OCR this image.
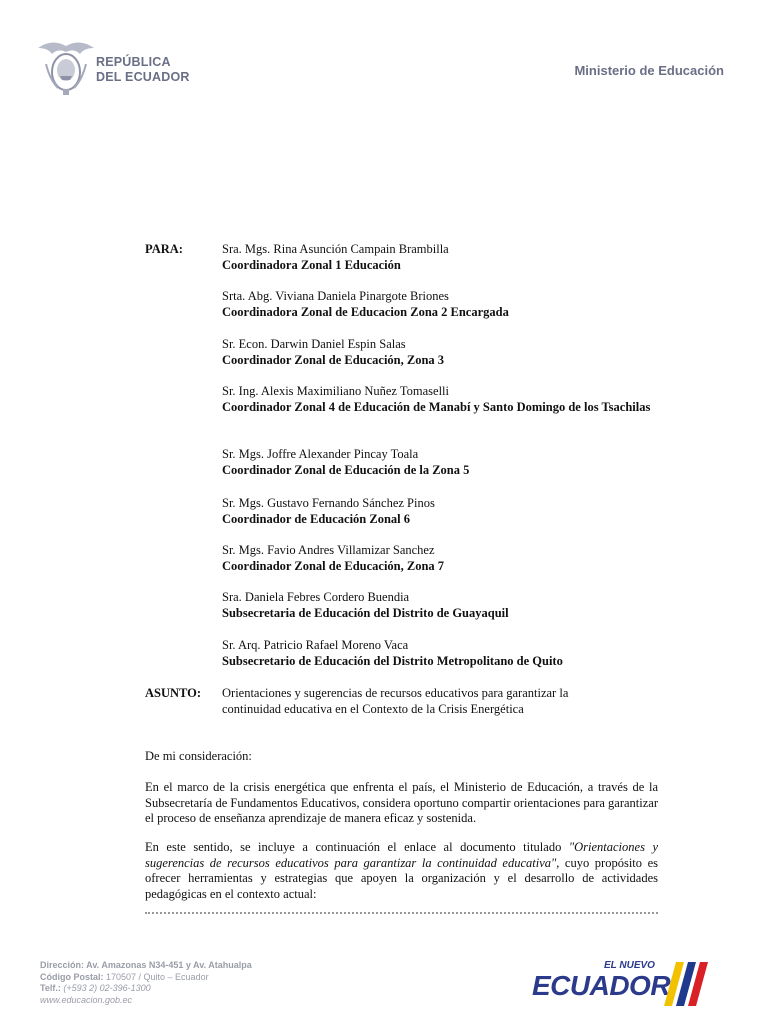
REPÚBLICA
DEL ECUADOR	Ministerio de Educación
PARA:	Sra. Mgs. Rina Asunción Campain Brambilla
Coordinadora Zonal 1 Educación
Srta. Abg. Viviana Daniela Pinargote Briones
Coordinadora Zonal de Educacion Zona 2 Encargada
Sr. Econ. Darwin Daniel Espin Salas
Coordinador Zonal de Educación, Zona 3
Sr. Ing. Alexis Maximiliano Nuñez Tomaselli
Coordinador Zonal 4 de Educación de Manabí y Santo Domingo de los Tsachilas
Sr. Mgs. Joffre Alexander Pincay Toala
Coordinador Zonal de Educación de la Zona 5
Sr. Mgs. Gustavo Fernando Sánchez Pinos
Coordinador de Educación Zonal 6
Sr. Mgs. Favio Andres Villamizar Sanchez
Coordinador Zonal de Educación, Zona 7
Sra. Daniela Febres Cordero Buendia
Subsecretaria de Educación del Distrito de Guayaquil
Sr. Arq. Patricio Rafael Moreno Vaca
Subsecretario de Educación del Distrito Metropolitano de Quito
ASUNTO: Orientaciones y sugerencias de recursos educativos para garantizar la
continuidad educativa en el Contexto de la Crisis Energética
De mi consideración:
En el marco de la crisis energética que enfrenta el país, el Ministerio de Educación, a través de la Subsecretaría de Fundamentos Educativos, considera oportuno compartir orientaciones para garantizar el proceso de enseñanza aprendizaje de manera eficaz y sostenida.
En este sentido, se incluye a continuación el enlace al documento titulado "Orientaciones y sugerencias de recursos educativos para garantizar la continuidad educativa", cuyo propósito es ofrecer herramientas y estrategias que apoyen la organización y el desarrollo de actividades pedagógicas en el contexto actual:
Dirección: Av. Amazonas N34-451 y Av. Atahualpa
Código Postal: 170507 / Quito – Ecuador
Telf.: (+593 2) 02-396-1300
www.educacion.gob.ec
EL NUEVO
ECUADOR
